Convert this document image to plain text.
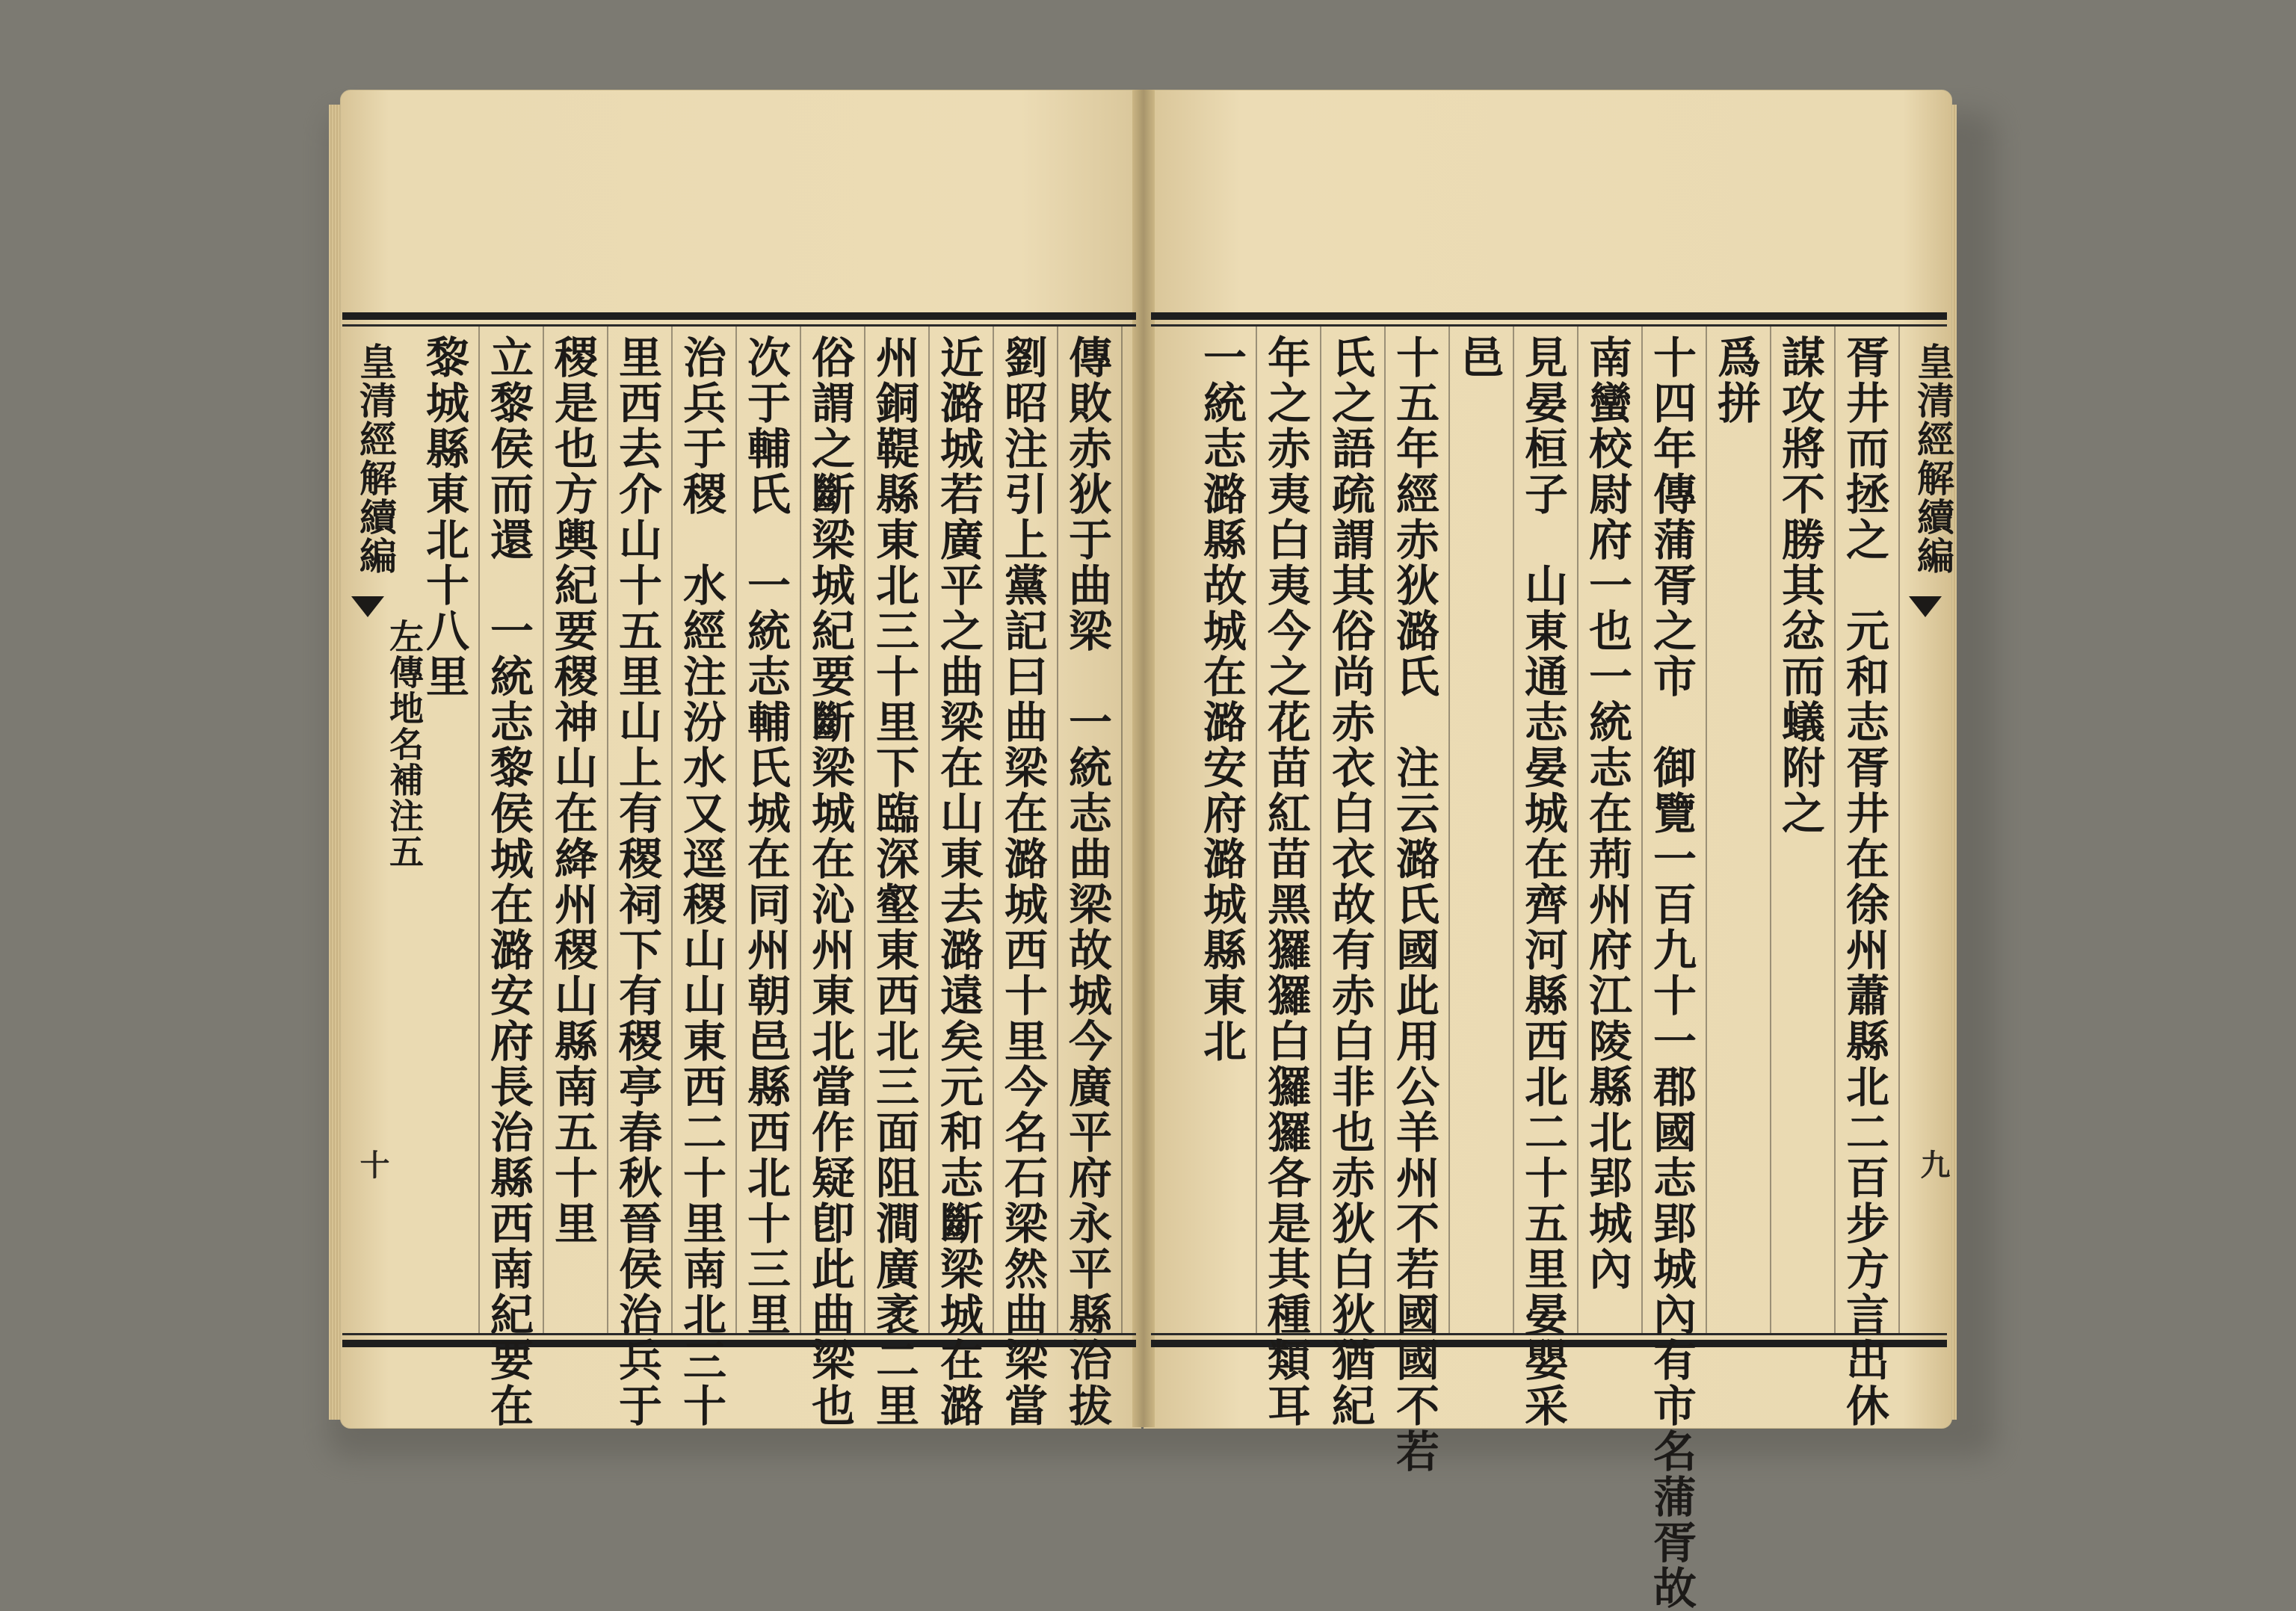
皇清經解續編
左傳地名補注五
十	傳敗赤狄于曲梁　一統志曲梁故城今廣平府永平縣治拔
劉昭注引上黨記曰曲梁在潞城西十里今名石梁然曲梁當
近潞城若廣平之曲梁在山東去潞遠矣元和志斷梁城在潞
州銅鞮縣東北三十里下臨深壑東西北三面阻澗廣袤二里
俗謂之斷梁城紀要斷梁城在沁州東北當作疑卽此曲梁也
次于輔氏　一統志輔氏城在同州朝邑縣西北十三里
治兵于稷　水經注汾水又逕稷山山東西二十里南北三十
里西去介山十五里山上有稷祠下有稷亭春秋晉侯治兵于
稷是也方輿紀要稷神山在絳州稷山縣南五十里
立黎侯而還　一統志黎侯城在潞安府長治縣西南紀要在
黎城縣東北十八里	皇清經解續編
九
胥井而拯之　元和志胥井在徐州蕭縣北二百步方言出休
謀攻將不勝其忿而蟻附之
爲拼
十四年傳蒲胥之市　御覽一百九十一郡國志郢城內有市名蒲胥故
南蠻校尉府一也一統志在荊州府江陵縣北郢城內
見晏桓子　山東通志晏城在齊河縣西北二十五里晏嬰采
邑
十五年經赤狄潞氏　注云潞氏國此用公羊州不若國國不若
氏之語疏謂其俗尚赤衣白衣故有赤白非也赤狄白狄猶紀
年之赤夷白夷今之花苗紅苗黑玀玀白玀玀各是其種類耳
一統志潞縣故城在潞安府潞城縣東北
